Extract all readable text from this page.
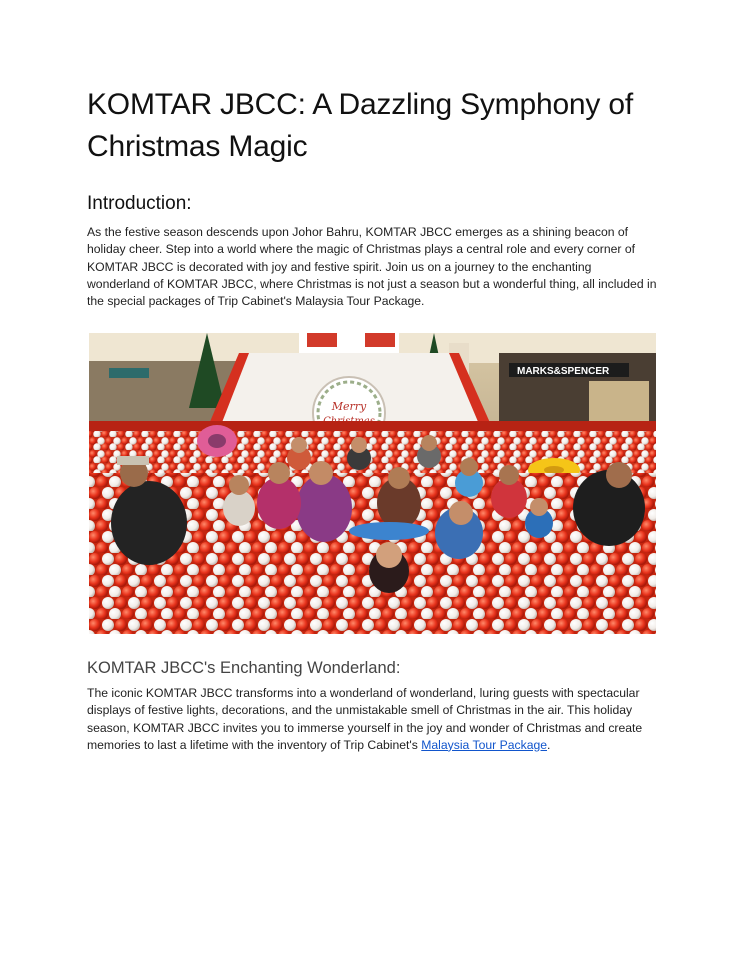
KOMTAR JBCC: A Dazzling Symphony of Christmas Magic
Introduction:

As the festive season descends upon Johor Bahru, KOMTAR JBCC emerges as a shining beacon of holiday cheer. Step into a world where the magic of Christmas plays a central role and every corner of KOMTAR JBCC is decorated with joy and festive spirit. Join us on a journey to the enchanting wonderland of KOMTAR JBCC, where Christmas is not just a season but a wonderful thing, all included in the special packages of Trip Cabinet's Malaysia Tour Package.

MARKS&SPENCER
Merry
KOMTAR JBCC's Enchanting Wonderland:

The iconic KOMTAR JBCC transforms into a wonderland of wonderland, luring guests with spectacular displays of festive lights, decorations, and the unmistakable smell of Christmas in the air. This holiday season, KOMTAR JBCC invites you to immerse yourself in the joy and wonder of Christmas and create memories to last a lifetime with the inventory of Trip Cabinet's Malaysia Tour Package.
